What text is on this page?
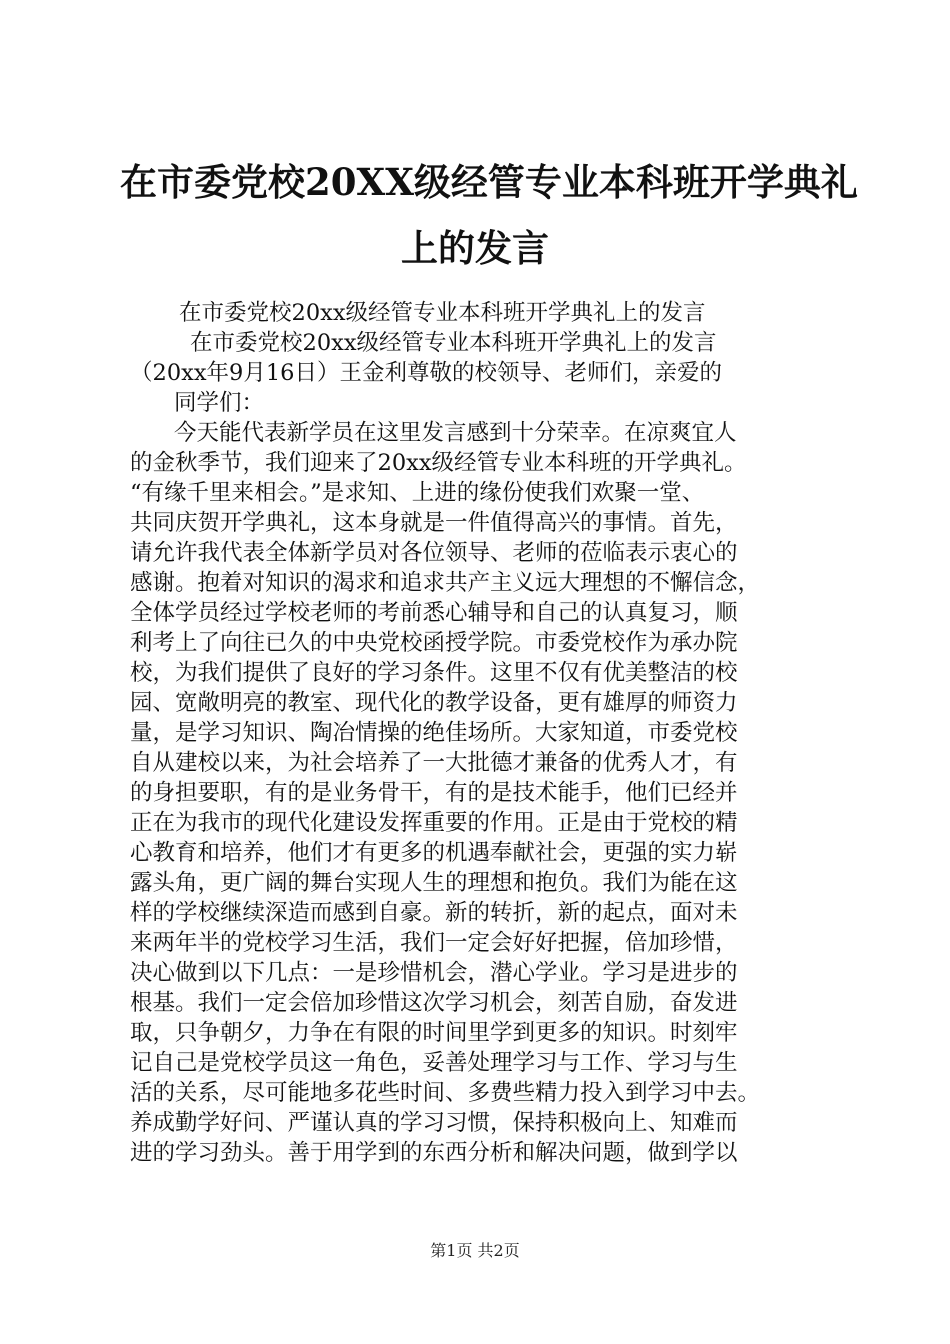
在市委党校20XX级经管专业本科班开学典礼
上的发言
在市委党校20xx级经管专业本科班开学典礼上的发言
在市委党校20xx级经管专业本科班开学典礼上的发言
（20xx年9月16日）王金利尊敬的校领导、老师们，亲爱的
同学们：
今天能代表新学员在这里发言感到十分荣幸。在凉爽宜人
的金秋季节，我们迎来了20xx级经管专业本科班的开学典礼。
“有缘千里来相会。”是求知、上进的缘份使我们欢聚一堂、
共同庆贺开学典礼，这本身就是一件值得高兴的事情。首先，
请允许我代表全体新学员对各位领导、老师的莅临表示衷心的
感谢。抱着对知识的渴求和追求共产主义远大理想的不懈信念，
全体学员经过学校老师的考前悉心辅导和自己的认真复习，顺
利考上了向往已久的中央党校函授学院。市委党校作为承办院
校，为我们提供了良好的学习条件。这里不仅有优美整洁的校
园、宽敞明亮的教室、现代化的教学设备，更有雄厚的师资力
量，是学习知识、陶冶情操的绝佳场所。大家知道，市委党校
自从建校以来，为社会培养了一大批德才兼备的优秀人才，有
的身担要职，有的是业务骨干，有的是技术能手，他们已经并
正在为我市的现代化建设发挥重要的作用。正是由于党校的精
心教育和培养，他们才有更多的机遇奉献社会，更强的实力崭
露头角，更广阔的舞台实现人生的理想和抱负。我们为能在这
样的学校继续深造而感到自豪。新的转折，新的起点，面对未
来两年半的党校学习生活，我们一定会好好把握，倍加珍惜，
决心做到以下几点：一是珍惜机会，潜心学业。学习是进步的
根基。我们一定会倍加珍惜这次学习机会，刻苦自励，奋发进
取，只争朝夕，力争在有限的时间里学到更多的知识。时刻牢
记自己是党校学员这一角色，妥善处理学习与工作、学习与生
活的关系，尽可能地多花些时间、多费些精力投入到学习中去。
养成勤学好问、严谨认真的学习习惯，保持积极向上、知难而
进的学习劲头。善于用学到的东西分析和解决问题，做到学以
第1页 共2页
